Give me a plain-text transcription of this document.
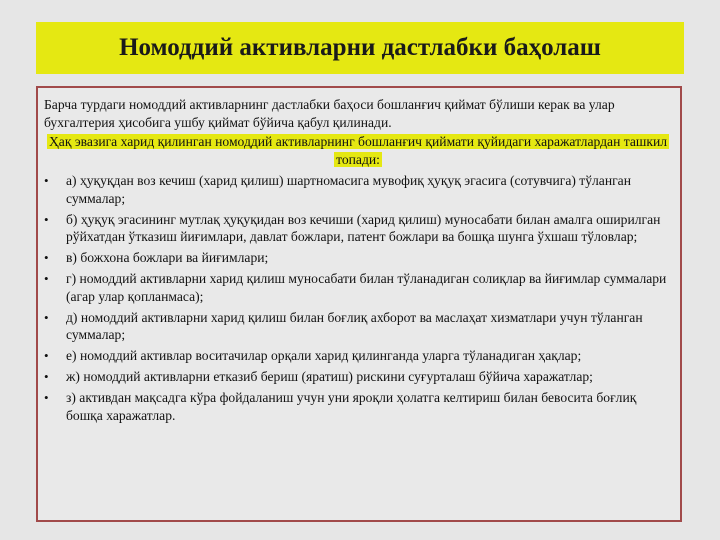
Номоддий активларни дастлабки баҳолаш

Барча турдаги номоддий активларнинг дастлабки баҳоси бошланғич қиймат бўлиши керак ва улар бухгалтерия ҳисобига ушбу қиймат бўйича қабул қилинади.

Ҳақ эвазига харид қилинган номоддий активларнинг бошланғич қиймати қуйидаги харажатлардан ташкил топади:
• а) ҳуқуқдан воз кечиш (харид қилиш) шартномасига мувофиқ ҳуқуқ эгасига (сотувчига) тўланган суммалар;
• б) ҳуқуқ эгасининг мутлақ ҳуқуқидан воз кечиши (харид қилиш) муносабати билан амалга оширилган рўйхатдан ўтказиш йиғимлари, давлат божлари, патент божлари ва бошқа шунга ўхшаш тўловлар;
• в) божхона божлари ва йиғимлари;
• г) номоддий активларни харид қилиш муносабати билан тўланадиган солиқлар ва йиғимлар суммалари (агар улар қопланмаса);
• д) номоддий активларни харид қилиш билан боғлиқ ахборот ва маслаҳат хизматлари учун тўланган суммалар;
• е) номоддий активлар воситачилар орқали харид қилинганда уларга тўланадиган ҳақлар;
• ж) номоддий активларни етказиб бериш (яратиш) рискини суғурталаш бўйича харажатлар;
• з) активдан мақсадга кўра фойдаланиш учун уни яроқли ҳолатга келтириш билан бевосита боғлиқ бошқа харажатлар.
